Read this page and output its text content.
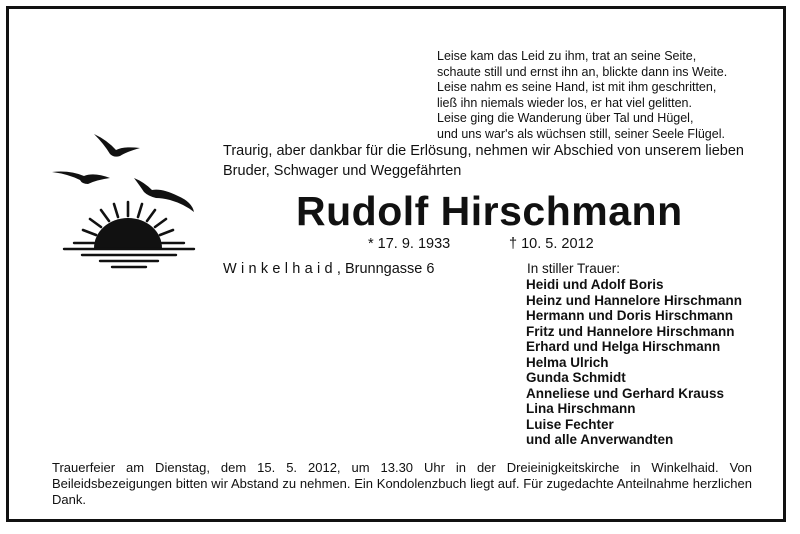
Leise kam das Leid zu ihm, trat an seine Seite,
schaute still und ernst ihn an, blickte dann ins Weite.
Leise nahm es seine Hand, ist mit ihm geschritten,
ließ ihn niemals wieder los, er hat viel gelitten.
Leise ging die Wanderung über Tal und Hügel,
und uns war's als wüchsen still, seiner Seele Flügel.
Traurig, aber dankbar für die Erlösung, nehmen wir Abschied von unserem lieben
Bruder, Schwager und Weggefährten
Rudolf Hirschmann
* 17. 9. 1933	† 10. 5. 2012
Winkelhaid, Brunngasse 6	In stiller Trauer:
Heidi und Adolf Boris
Heinz und Hannelore Hirschmann
Hermann und Doris Hirschmann
Fritz und Hannelore Hirschmann
Erhard und Helga Hirschmann
Helma Ulrich
Gunda Schmidt
Anneliese und Gerhard Krauss
Lina Hirschmann
Luise Fechter
und alle Anverwandten
Trauerfeier am Dienstag, dem 15. 5. 2012, um 13.30 Uhr in der Dreieinigkeitskirche in Winkelhaid. Von Beileidsbezeigungen bitten wir Abstand zu nehmen. Ein Kondolenzbuch liegt auf. Für zugedachte Anteilnahme herzlichen Dank.
